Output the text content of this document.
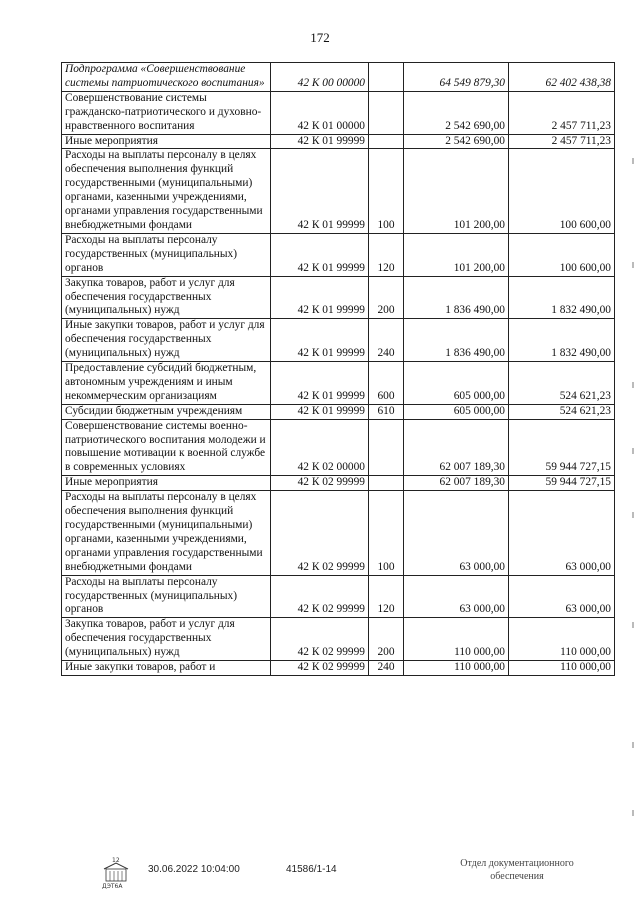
172
Подпрограмма «Совершенствование системы патриотического воспитания»	42 К 00 00000		64 549 879,30	62 402 438,38
Совершенствование системы гражданско-патриотического и духовно-нравственного воспитания	42 К 01 00000		2 542 690,00	2 457 711,23
Иные мероприятия	42 К 01 99999		2 542 690,00	2 457 711,23
Расходы на выплаты персоналу в целях обеспечения выполнения функций государственными (муниципальными) органами, казенными учреждениями, органами управления государственными внебюджетными фондами	42 К 01 99999	100	101 200,00	100 600,00
Расходы на выплаты персоналу государственных (муниципальных) органов	42 К 01 99999	120	101 200,00	100 600,00
Закупка товаров, работ и услуг для обеспечения государственных (муниципальных) нужд	42 К 01 99999	200	1 836 490,00	1 832 490,00
Иные закупки товаров, работ и услуг для обеспечения государственных (муниципальных) нужд	42 К 01 99999	240	1 836 490,00	1 832 490,00
Предоставление субсидий бюджетным, автономным учреждениям и иным некоммерческим организациям	42 К 01 99999	600	605 000,00	524 621,23
Субсидии бюджетным учреждениям	42 К 01 99999	610	605 000,00	524 621,23
Совершенствование системы военно-патриотического воспитания молодежи и повышение мотивации к военной службе в современных условиях	42 К 02 00000		62 007 189,30	59 944 727,15
Иные мероприятия	42 К 02 99999		62 007 189,30	59 944 727,15
Расходы на выплаты персоналу в целях обеспечения выполнения функций государственными (муниципальными) органами, казенными учреждениями, органами управления государственными внебюджетными фондами	42 К 02 99999	100	63 000,00	63 000,00
Расходы на выплаты персоналу государственных (муниципальных) органов	42 К 02 99999	120	63 000,00	63 000,00
Закупка товаров, работ и услуг для обеспечения государственных (муниципальных) нужд	42 К 02 99999	200	110 000,00	110 000,00
Иные закупки товаров, работ и	42 К 02 99999	240	110 000,00	110 000,00
12
ДЭТ6А
30.06.2022 10:04:00	41586/1-14
Отдел документационного
обеспечения
